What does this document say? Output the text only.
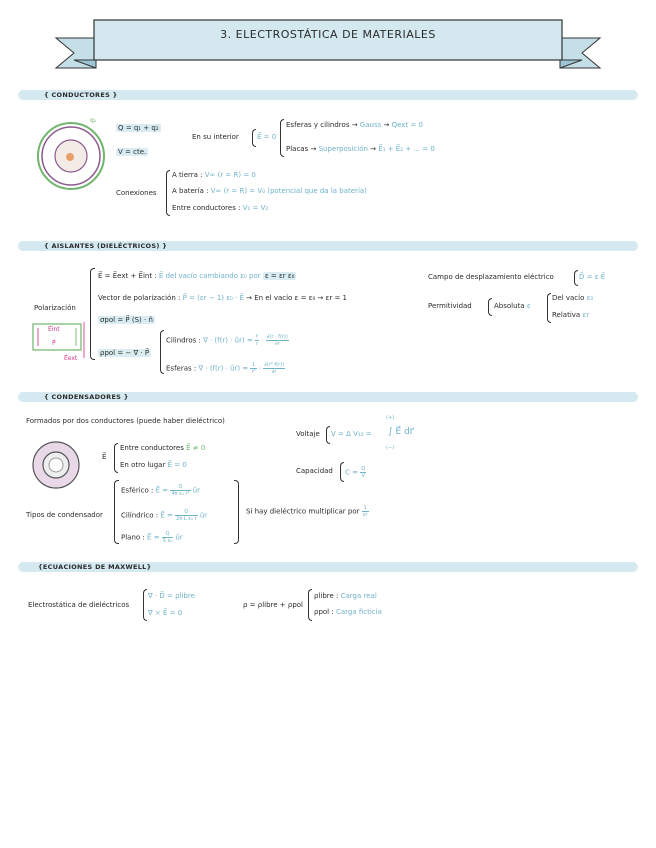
3. ELECTROSTÁTICA DE MATERIALES
{ CONDUCTORES }
q₁
Q = q₁ + q₂
V = cte.
En su interior	E⃗ = 0
Esferas y cilindros → Gauss → Qext = 0
Placas → Superposición → E⃗₁ + E⃗₂ + ... = 0
Conexiones
A tierra : V∞ (r = R) = 0
A batería : V∞ (r = R) = V₀ (potencial que da la batería)
Entre conductores : V₁ = V₂
{ AISLANTES (DIELÉCTRICOS) }
Polarización
E⃗ = E⃗ext + E⃗int : E⃗ del vacío cambiando ε₀ por ε = εr ε₀
Vector de polarización : P⃗ = (εr − 1) ε₀ · E⃗ → En el vacío ε = ε₀ → εr = 1
σpol = P⃗ (S) · n̂
ρpol = − ∇ · P⃗
Cilindros : ∇ · (f(r) · ûr) = $\frac{f}{r} \cdot \frac{\partial(r \cdot f(r))}{\partial r}$
Esferas : ∇ · (f(r) · ûr) = $\frac{1}{\text{r²}} \cdot \frac{\text{∂(r² f(r))}}{\partial r}$
E⃗int
P⃗
E⃗ext
Campo de desplazamiento eléctrico	D⃗ = ε E⃗
Permitividad	Absoluta ε
Del vacío ε₀
Relativa εr
{ CONDENSADORES }
Formados por dos conductores (puede haber dieléctrico)
E⃗
Entre conductores E⃗ ≠ 0
En otro lugar E⃗ = 0
Voltaje V = Δ V₁₂ =
(+)
∫ E⃗ dr⃗
(−)
Capacidad $C = \frac{Q}{V}$
Tipos de condensador
Esférico : E⃗ = $\frac{Q}{\text{4π ε₀ r²}}$ ûr
Cilíndrico : E⃗ = $\frac{Q}{\text{2π L ε₀ r}}$ ûr
Plano : E⃗ = $\frac{Q}{\text{S ε₀}}$ ûr
Si hay dieléctrico multiplicar por $\frac{1}{\varepsilon r}$
{ECUACIONES DE MAXWELL}
Electrostática de dieléctricos
∇ · D⃗ = ρlibre
∇ × E⃗ = 0
ρ = ρlibre + ρpol
ρlibre : Carga real
ρpol : Carga ficticia
